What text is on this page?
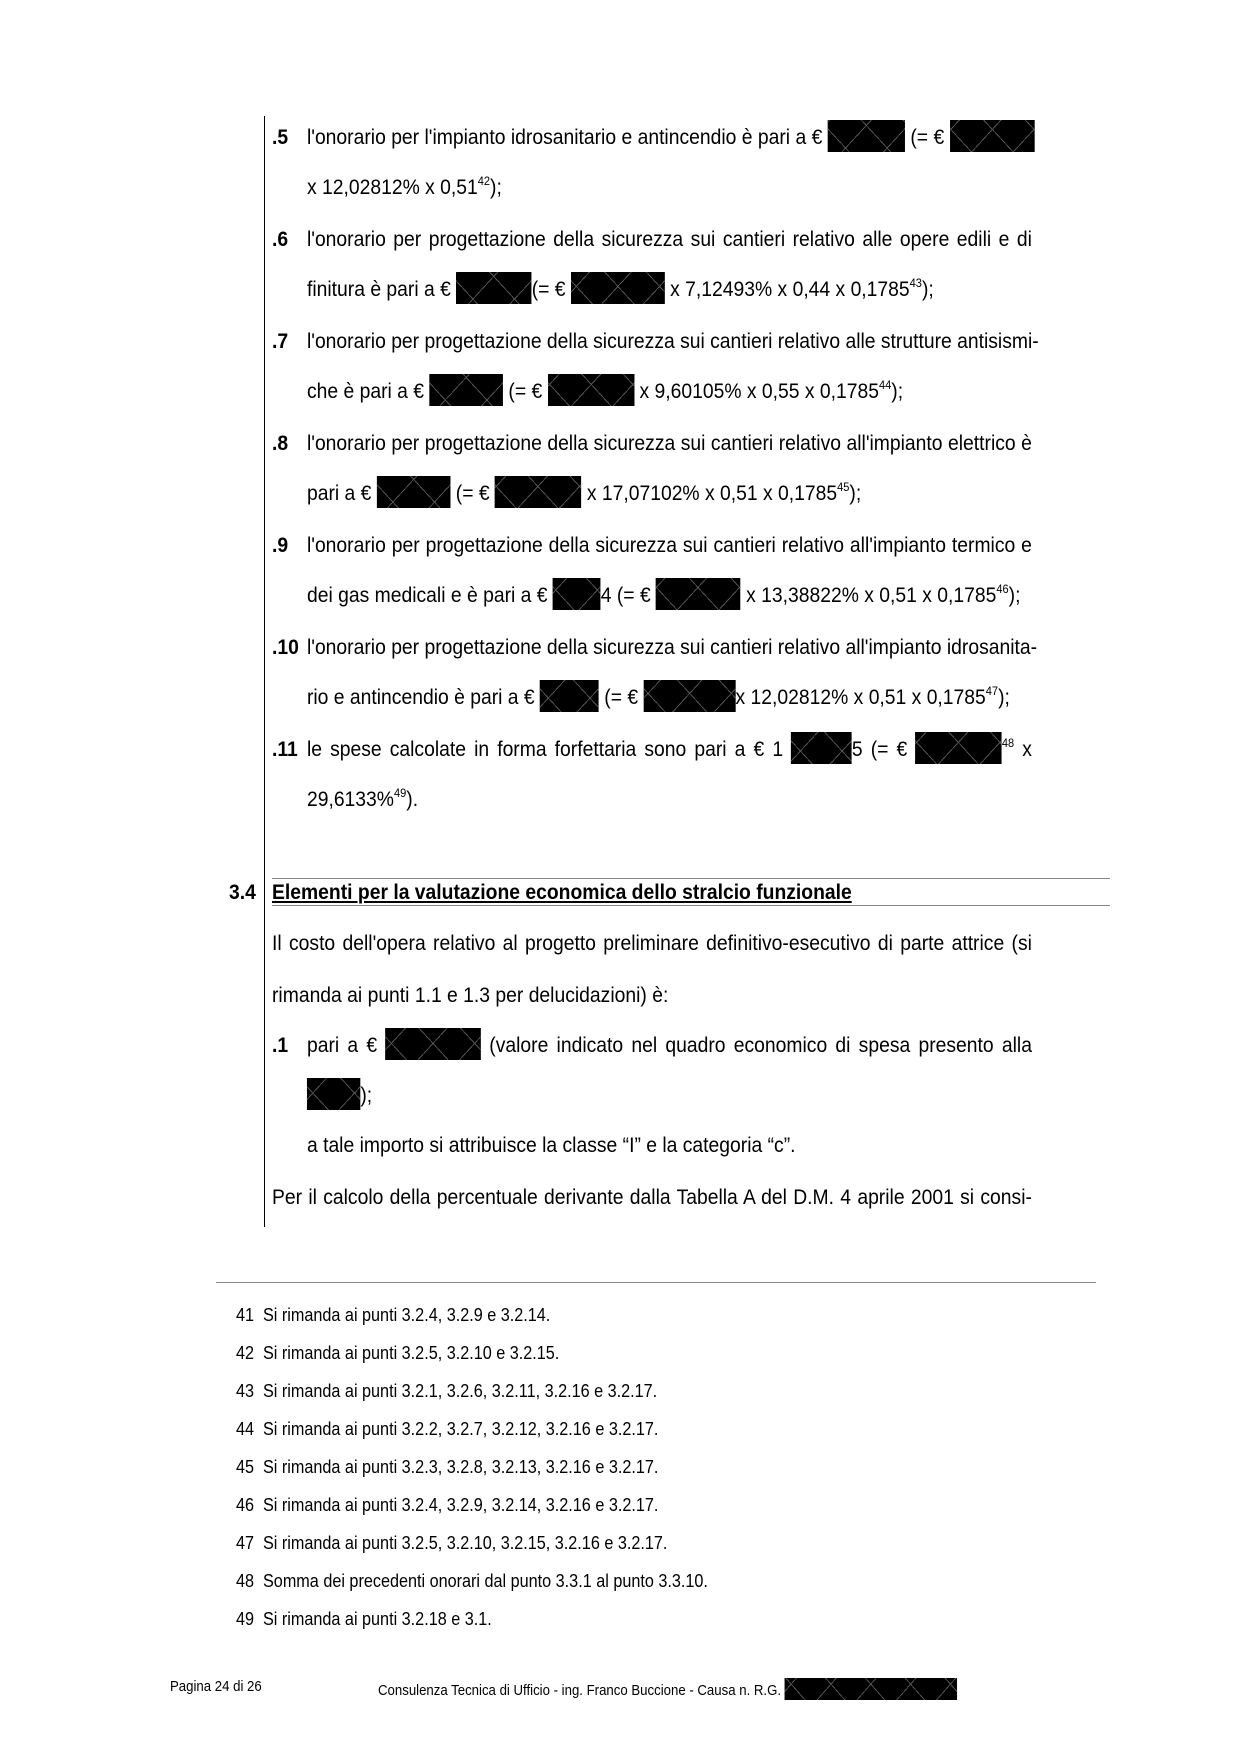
.5 l'onorario per l'impianto idrosanitario e antincendio è pari a €	(= €
x 12,02812% x 0,51$^{42}$);
.6 l'onorario per progettazione della sicurezza sui cantieri relativo alle opere edili e di
finitura è pari a €	(= €	x 7,12493% x 0,44 x 0,1785$^{43}$);
.7 l'onorario per progettazione della sicurezza sui cantieri relativo alle strutture antisismi-
che è pari a €	(= €	x 9,60105% x 0,55 x 0,1785$^{44}$);
.8 l'onorario per progettazione della sicurezza sui cantieri relativo all'impianto elettrico è
pari a €	(= €	x 17,07102% x 0,51 x 0,1785$^{45}$);
.9 l'onorario per progettazione della sicurezza sui cantieri relativo all'impianto termico e
dei gas medicali e è pari a €	4 (= €	x 13,38822% x 0,51 x 0,1785$^{46}$);
.10 l'onorario per progettazione della sicurezza sui cantieri relativo all'impianto idrosanita-
rio e antincendio è pari a €	(= €	x 12,02812% x 0,51 x 0,1785$^{47}$);
.11 le spese calcolate in forma forfettaria sono pari a € 1	5 (= €	$^{48}$ x
29,6133%$^{49}$).
3.4 Elementi per la valutazione economica dello stralcio funzionale
Il costo dell'opera relativo al progetto preliminare definitivo-esecutivo di parte attrice (si
rimanda ai punti 1.1 e 1.3 per delucidazioni) è:
.1 pari a €	(valore indicato nel quadro economico di spesa presento alla
);
a tale importo si attribuisce la classe “I” e la categoria “c”.
Per il calcolo della percentuale derivante dalla Tabella A del D.M. 4 aprile 2001 si consi-
41 Si rimanda ai punti 3.2.4, 3.2.9 e 3.2.14.
42 Si rimanda ai punti 3.2.5, 3.2.10 e 3.2.15.
43 Si rimanda ai punti 3.2.1, 3.2.6, 3.2.11, 3.2.16 e 3.2.17.
44 Si rimanda ai punti 3.2.2, 3.2.7, 3.2.12, 3.2.16 e 3.2.17.
45 Si rimanda ai punti 3.2.3, 3.2.8, 3.2.13, 3.2.16 e 3.2.17.
46 Si rimanda ai punti 3.2.4, 3.2.9, 3.2.14, 3.2.16 e 3.2.17.
47 Si rimanda ai punti 3.2.5, 3.2.10, 3.2.15, 3.2.16 e 3.2.17.
48 Somma dei precedenti onorari dal punto 3.3.1 al punto 3.3.10.
49 Si rimanda ai punti 3.2.18 e 3.1.
Pagina 24 di 26	Consulenza Tecnica di Ufficio - ing. Franco Buccione - Causa n. R.G.
